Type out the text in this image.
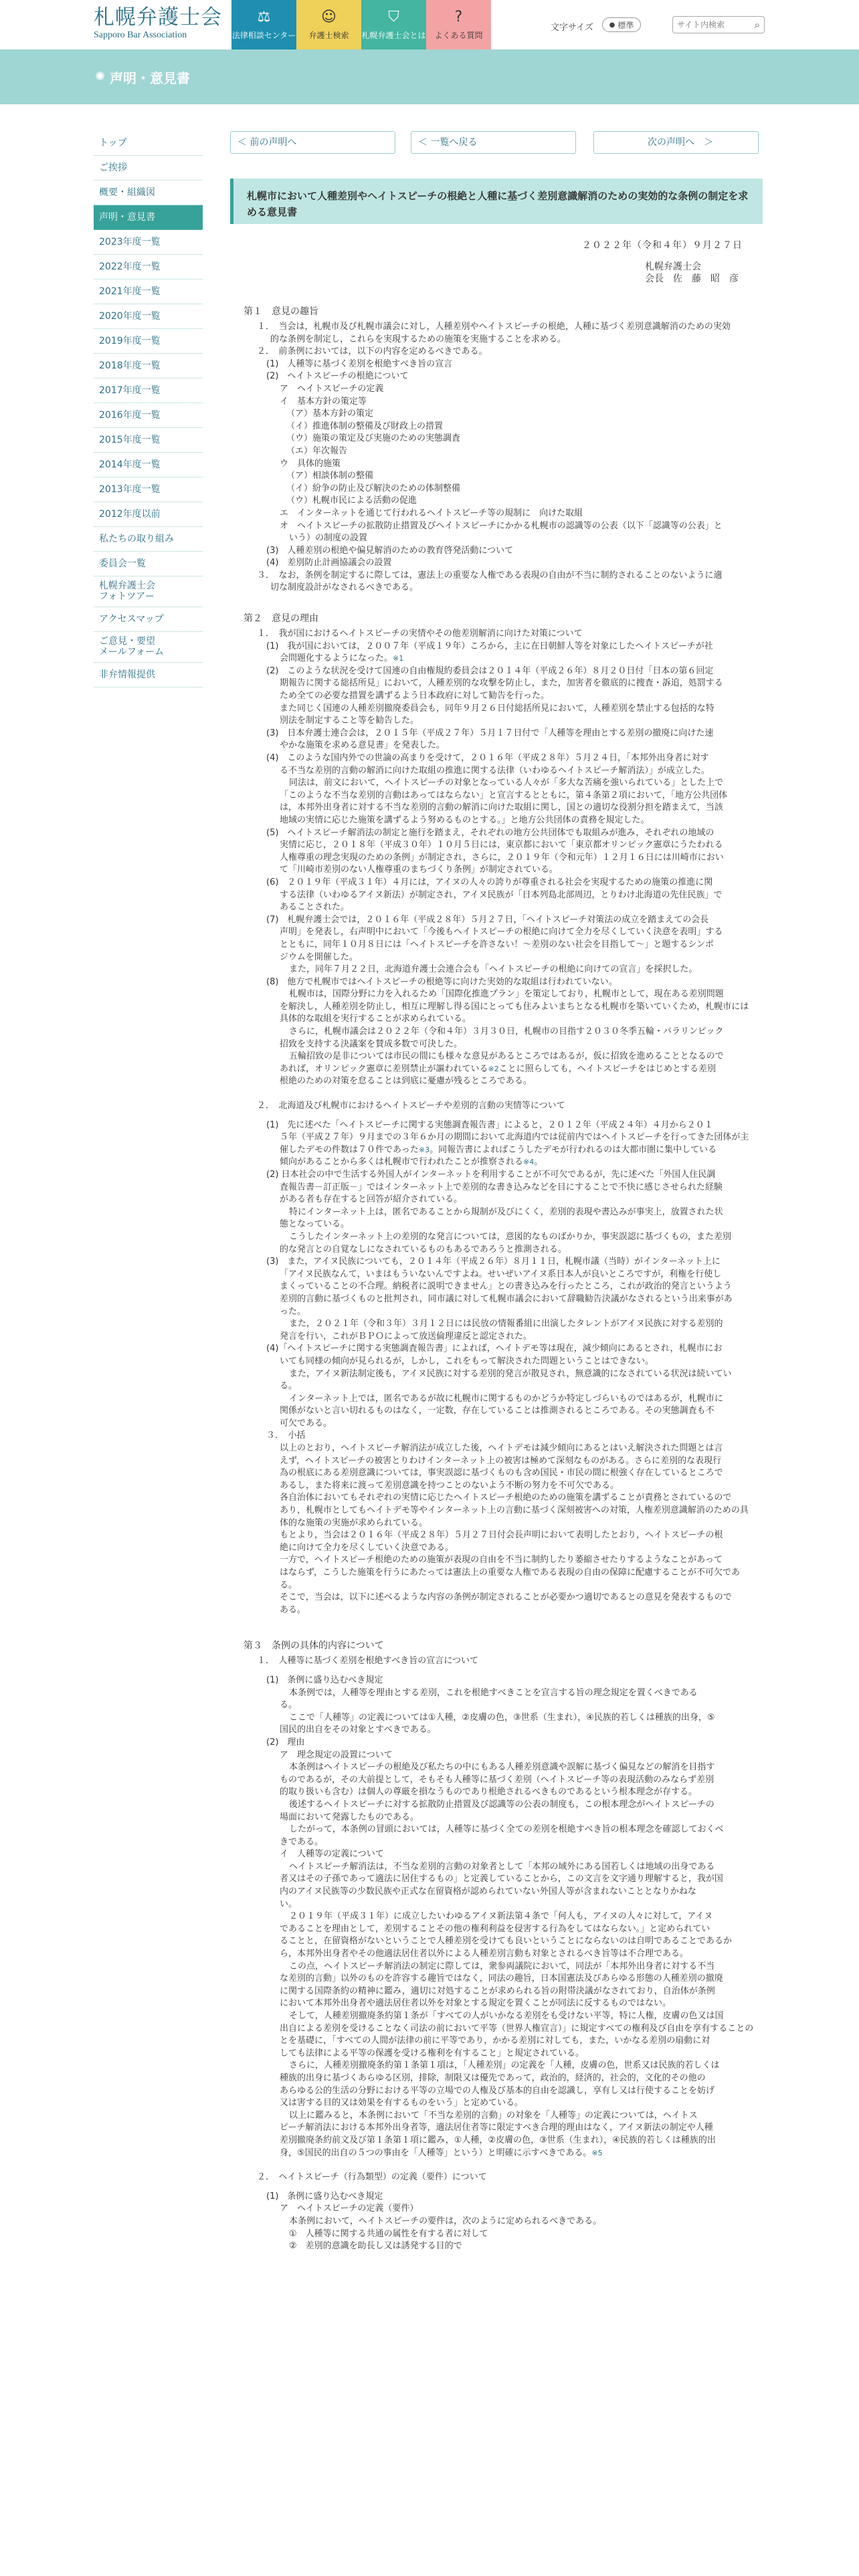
札幌弁護士会
Sapporo Bar Association
⚖
法律相談センター
☺
弁護士検索
⛉
札幌弁護士会とは
?
よくある質問
文字サイズ ● 標準
サイト内検索	⌕
✺ 声明・意見書
トップ
ご挨拶
概要・組織図
声明・意見書
2023年度一覧
2022年度一覧
2021年度一覧
2020年度一覧
2019年度一覧
2018年度一覧
2017年度一覧
2016年度一覧
2015年度一覧
2014年度一覧
2013年度一覧
2012年度以前
私たちの取り組み
委員会一覧
札幌弁護士会
フォトツアー
アクセスマップ
ご意見・要望
メールフォーム
非弁情報提供
＜ 前の声明へ	＜ 一覧へ戻る	次の声明へ　＞
札幌市において人種差別やヘイトスピーチの根絶と人種に基づく差別意識解消のための実効的な条例の制定を求める意見書
２０２２年（令和４年）９月２７日
札幌弁護士会
会長　佐　藤　昭　彦
第１　意見の趣旨
１．　当会は，札幌市及び札幌市議会に対し，人種差別やヘイトスピーチの根絶，人種に基づく差別意識解消のための実効
的な条例を制定し，これらを実現するための施策を実施することを求める。
２．　前条例においては，以下の内容を定めるべきである。
(1)　人種等に基づく差別を根絶すべき旨の宣言
(2)　ヘイトスピーチの根絶について
ア　ヘイトスピーチの定義
イ　基本方針の策定等
（ア）基本方針の策定
（イ）推進体制の整備及び財政上の措置
（ウ）施策の策定及び実施のための実態調査
（エ）年次報告
ウ　具体的施策
（ア）相談体制の整備
（イ）紛争の防止及び解決のための体制整備
（ウ）札幌市民による活動の促進
エ　インターネットを通じて行われるヘイトスピーチ等の規制に　向けた取組
オ　ヘイトスピーチの拡散防止措置及びヘイトスピーチにかかる札幌市の認識等の公表（以下「認識等の公表」と
いう）の制度の設置
(3)　人種差別の根絶や偏見解消のための教育啓発活動について
(4)　差別防止計画協議会の設置
３．　なお，条例を制定するに際しては，憲法上の重要な人権である表現の自由が不当に制約されることのないように適
切な制度設計がなされるべきである。
第２　意見の理由
１．　我が国におけるヘイトスピーチの実情やその他差別解消に向けた対策について
(1)　我が国においては，２００７年（平成１９年）ころから，主に在日朝鮮人等を対象にしたヘイトスピーチが社
会問題化するようになった。$^{※1}$
(2)　このような状況を受けて国連の自由権規約委員会は２０１４年（平成２６年）８月２０日付「日本の第６回定
期報告に関する総括所見」において，人種差別的な攻撃を防止し，また，加害者を徹底的に捜査・訴追，処罰する
ため全ての必要な措置を講ずるよう日本政府に対して勧告を行った。
また同じく国連の人種差別撤廃委員会も，同年９月２６日付総括所見において，人種差別を禁止する包括的な特
別法を制定すること等を勧告した。
(3)　日本弁護士連合会は，２０１５年（平成２７年）５月１７日付で「人種等を理由とする差別の撤廃に向けた速
やかな施策を求める意見書」を発表した。
(4)　このような国内外での世論の高まりを受けて，２０１６年（平成２８年）５月２４日，「本邦外出身者に対す
る不当な差別的言動の解消に向けた取組の推進に関する法律（いわゆるヘイトスピーチ解消法）」が成立した。
同法は，前文において，ヘイトスピーチの対象となっている人々が「多大な苦痛を強いられている」とした上で
「このような不当な差別的言動はあってはならない」と宣言するとともに，第４条第２項において，「地方公共団体
は，本邦外出身者に対する不当な差別的言動の解消に向けた取組に関し，国との適切な役割分担を踏まえて，当該
地域の実情に応じた施策を講ずるよう努めるものとする。」と地方公共団体の責務を規定した。
(5)　ヘイトスピーチ解消法の制定と施行を踏まえ，それぞれの地方公共団体でも取組みが進み，それぞれの地域の
実情に応じ，２０１８年（平成３０年）１０月５日には，東京都において「東京都オリンピック憲章にうたわれる
人権尊重の理念実現のための条例」が制定され，さらに，２０１９年（令和元年）１２月１６日には川崎市におい
て「川崎市差別のない人権尊重のまちづくり条例」が制定されている。
(6)　２０１９年（平成３１年）４月には，アイヌの人々の誇りが尊重される社会を実現するための施策の推進に関
する法律（いわゆるアイヌ新法）が制定され，アイヌ民族が「日本列島北部周辺，とりわけ北海道の先住民族」で
あることされた。
(7)　札幌弁護士会では，２０１６年（平成２８年）５月２７日，「ヘイトスピーチ対策法の成立を踏まえての会長
声明」を発表し，右声明中において「今後もヘイトスピーチの根絶に向けて全力を尽くしていく決意を表明」する
とともに，同年１０月８日には「ヘイトスピーチを許さない！～差別のない社会を目指して～」と題するシンポ
ジウムを開催した。
また，同年７月２２日，北海道弁護士会連合会も「ヘイトスピーチの根絶に向けての宣言」を採択した。
(8)　他方で札幌市ではヘイトスピーチの根絶等に向けた実効的な取組は行われていない。
札幌市は，国際分野に力を入れるため「国際化推進プラン」を策定しており，札幌市として，現在ある差別問題
を解決し，人種差別を防止し，相互に理解し得る国にとっても住みよいまちとなる札幌市を築いていくため，札幌市には
具体的な取組を実行することが求められている。
さらに，札幌市議会は２０２２年（令和４年）３月３０日，札幌市の目指す２０３０冬季五輪・パラリンピック
招致を支持する決議案を賛成多数で可決した。
五輪招致の是非については市民の間にも様々な意見があるところではあるが，仮に招致を進めることとなるので
あれば，オリンピック憲章に差別禁止が謳われている$^{※2}$ことに照らしても，ヘイトスピーチをはじめとする差別
根絶のための対策を怠ることは到底に憂慮が残るところである。
２．　北海道及び札幌市におけるヘイトスピーチや差別的言動の実情等について
(1)　先に述べた「ヘイトスピーチに関する実態調査報告書」によると，２０１２年（平成２４年）４月から２０１
５年（平成２７年）９月までの３年６か月の期間において北海道内では従前内ではヘイトスピーチを行ってきた団体が主
催したデモの件数は７０件であった$^{※3}$。同報告書によればこうしたデモが行われるのは大都市圏に集中している
傾向があることから多くは札幌市で行われたことが推察される$^{※4}$。
(2) 日本社会の中で生活する外国人がインターネットを利用することが不可欠であるが，先に述べた「外国人住民調
査報告書－訂正版－」ではインターネット上で差別的な書き込みなどを目にすることで不快に感じさせられた経験
がある者も存在すると回答が紹介されている。
特にインターネット上は，匿名であることから規制が及びにくく，差別的表現や書込みが事実上，放置された状
態となっている。
こうしたインターネット上の差別的な発言については，意図的なものばかりか，事実誤認に基づくもの，また差別
的な発言との自覚なしになされているものもあるであろうと推測される。
(3)　また，アイヌ民族についても，２０１４年（平成２６年）８月１１日，札幌市議（当時）がインターネット上に
「アイヌ民族なんて，いまはもういないんですよね。せいぜいアイヌ系日本人が良いところですが，利権を行使し
まくっていることの不合理。納税者に説明できません」との書き込みを行ったところ，これが政治的発言というよう
差別的言動に基づくものと批判され，同市議に対して札幌市議会において辞職勧告決議がなされるという出来事があ
った。
また，２０２１年（令和３年）３月１２日には民放の情報番組に出演したタレントがアイヌ民族に対する差別的
発言を行い，これがＢＰＯによって放送倫理違反と認定された。
(4)「ヘイトスピーチに関する実態調査報告書」によれば，ヘイトデモ等は現在，減少傾向にあるとされ，札幌市にお
いても同様の傾向が見られるが，しかし，これをもって解決された問題ということはできない。
また，アイヌ新法制定後も，アイヌ民族に対する差別的発言が散見され，無意識的になされている状況は続いてい
る。
インターネット上では，匿名であるが故に札幌市に関するものかどうか特定しづらいものではあるが，札幌市に
関係がないと言い切れるものはなく，一定数，存在していることは推測されるところである。その実態調査も不
可欠である。
３．　小括
以上のとおり，ヘイトスピーチ解消法が成立した後，ヘイトデモは減少傾向にあるとはいえ解決された問題とは言
えず，ヘイトスピーチの被害とりわけインターネット上の被害は極めて深刻なものがある。さらに差別的な表現行
為の根底にある差別意識については，事実誤認に基づくものも含め国民・市民の間に根強く存在しているところで
あるし，また将来に渡って差別意識を持つことのないよう不断の努力を不可欠である。
各自治体においてもそれぞれの実情に応じたヘイトスピーチ根絶のための施策を講ずることが責務とされているので
あり，札幌市としてもヘイトデモ等やインターネット上の言動に基づく深刻被害への対策，人権差別意識解消のための具
体的な施策の実施が求められている。
もとより，当会は２０１６年（平成２８年）５月２７日付会長声明において表明したとおり，ヘイトスピーチの根
絶に向けて全力を尽くしていく決意である。
一方で，ヘイトスピーチ根絶のための施策が表現の自由を不当に制約したり萎縮させたりするようなことがあって
はならず，こうした施策を行うにあたっては憲法上の重要な人権である表現の自由の保障に配慮することが不可欠であ
る。
そこで，当会は，以下に述べるような内容の条例が制定されることが必要かつ適切であるとの意見を発表するもので
ある。
第３　条例の具体的内容について
１．　人種等に基づく差別を根絶すべき旨の宣言について
(1)　条例に盛り込むべき規定
本条例では，人種等を理由とする差別，これを根絶すべきことを宣言する旨の理念規定を置くべきである
る。
ここで「人種等」の定義については①人種，②皮膚の色，③世系（生まれ），④民族的若しくは種族的出身，⑤
国民的出自をその対象とすべきである。
(2)　理由
ア　理念規定の設置について
本条例はヘイトスピーチの根絶及び私たちの中にもある人種差別意識や誤解に基づく偏見などの解消を目指す
ものであるが，その大前提として，そもそも人種等に基づく差別（ヘイトスピーチ等の表現活動のみならず差別
的取り扱いも含む）は個人の尊厳を損なうものであり根絶されるべきものであるという根本理念が存する。
後述するヘイトスピーチに対する拡散防止措置及び認識等の公表の制度も，この根本理念がヘイトスピーチの
場面において発露したものである。
したがって，本条例の冒頭においては，人種等に基づく全ての差別を根絶すべき旨の根本理念を確認しておくべ
きである。
イ　人種等の定義について
ヘイトスピーチ解消法は，不当な差別的言動の対象者として「本邦の域外にある国若しくは地域の出身である
者又はその子孫であって適法に居住するもの」と定義していることから，この文言を文字通り理解すると，我が国
内のアイヌ民族等の少数民族や正式な在留資格が認められていない外国人等が含まれないこととなりかねな
い。
２０１９年（平成３１年）に成立したいわゆるアイヌ新法第４条で「何人も，アイヌの人々に対して，アイヌ
であることを理由として，差別することその他の権利利益を侵害する行為をしてはならない。」と定められてい
ることと，在留資格がないということで人種差別を受けても良いということにならないのは自明であることであるか
ら，本邦外出身者やその他適法居住者以外による人種差別言動も対象とされるべき旨等は不合理である。
この点，ヘイトスピーチ解消法の制定に際しては，衆参両議院において，同法が「本邦外出身者に対する不当
な差別的言動」以外のものを許容する趣旨ではなく，同法の趣旨，日本国憲法及びあらゆる形態の人種差別の撤廃
に関する国際条約の精神に鑑み，適切に対処することが求められる旨の附帯決議がなされており，自治体が条例
において本邦外出身者や適法居住者以外を対象とする規定を置くことが同法に反するものではない。
そして，人種差別撤廃条約第１条が「すべての人がいかなる差別をも受けない平等，特に人権，皮膚の色又は国
出自による差別を受けることなく司法の前において平等（世界人権宣言）」に規定すべての権利及び自由を享有することの
とを基礎に，「すべての人間が法律の前に平等であり，かかる差別に対しても，また，いかなる差別の扇動に対
しても法律による平等の保護を受ける権利を有すること」と規定されている。
さらに，人種差別撤廃条約第１条第１項は，「人種差別」の定義を「人種，皮膚の色，世系又は民族的若しくは
種族的出身に基づくあらゆる区別，排除，制限又は優先であって，政治的，経済的，社会的，文化的その他の
あらゆる公的生活の分野における平等の立場での人権及び基本的自由を認識し，享有し又は行使することを妨げ
又は害する目的又は効果を有するものをいう」と定めている。
以上に鑑みると，本条例において「不当な差別的言動」の対象を「人種等」の定義については，ヘイトス
ピーチ解消法における本邦外出身者等，適法居住者等に限定すべき合理的理由はなく，アイヌ新法の制定や人種
差別撤廃条約前文及び第１条第１項に鑑み，①人種，②皮膚の色，③世系（生まれ），④民族的若しくは種族的出
身，⑤国民的出自の５つの事由を「人種等」という）と明確に示すべきである。$^{※5}$
２．　ヘイトスピーチ（行為類型）の定義（要件）について
(1)　条例に盛り込むべき規定
ア　ヘイトスピーチの定義（要件）
本条例において，ヘイトスピーチの要件は，次のように定められるべきである。
①　人種等に関する共通の属性を有する者に対して
②　差別的意識を助長し又は誘発する目的で
